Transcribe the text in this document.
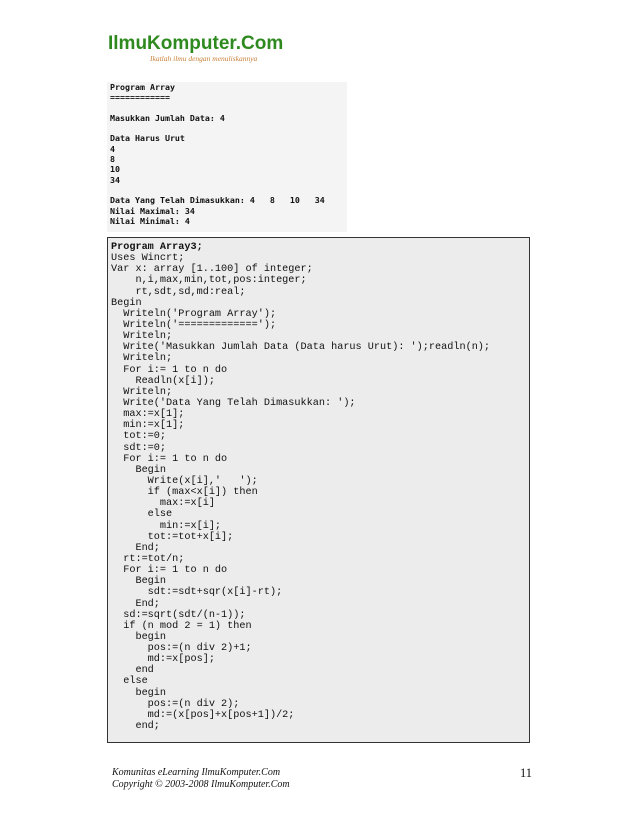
IlmuKomputer.Com
Ikatlah ilmu dengan menuliskannya
Program Array
============
Masukkan Jumlah Data: 4
Data Harus Urut
4
8
10
34
Data Yang Telah Dimasukkan: 4   8   10   34
Nilai Maximal: 34
Nilai Minimal: 4
Program Array3;
Uses Wincrt;
Var x: array [1..100] of integer;
n,i,max,min,tot,pos:integer;
rt,sdt,sd,md:real;
Begin
Writeln('Program Array');
Writeln('=============');
Writeln;
Write('Masukkan Jumlah Data (Data harus Urut): ');readln(n);
Writeln;
For i:= 1 to n do
Readln(x[i]);
Writeln;
Write('Data Yang Telah Dimasukkan: ');
max:=x[1];
min:=x[1];
tot:=0;
sdt:=0;
For i:= 1 to n do
Begin
Write(x[i],'   ');
if (max<x[i]) then
max:=x[i]
else
min:=x[i];
tot:=tot+x[i];
End;
rt:=tot/n;
For i:= 1 to n do
Begin
sdt:=sdt+sqr(x[i]-rt);
End;
sd:=sqrt(sdt/(n-1));
if (n mod 2 = 1) then
begin
pos:=(n div 2)+1;
md:=x[pos];
end
else
begin
pos:=(n div 2);
md:=(x[pos]+x[pos+1])/2;
end;
Komunitas eLearning IlmuKomputer.Com
Copyright © 2003-2008 IlmuKomputer.Com
11
